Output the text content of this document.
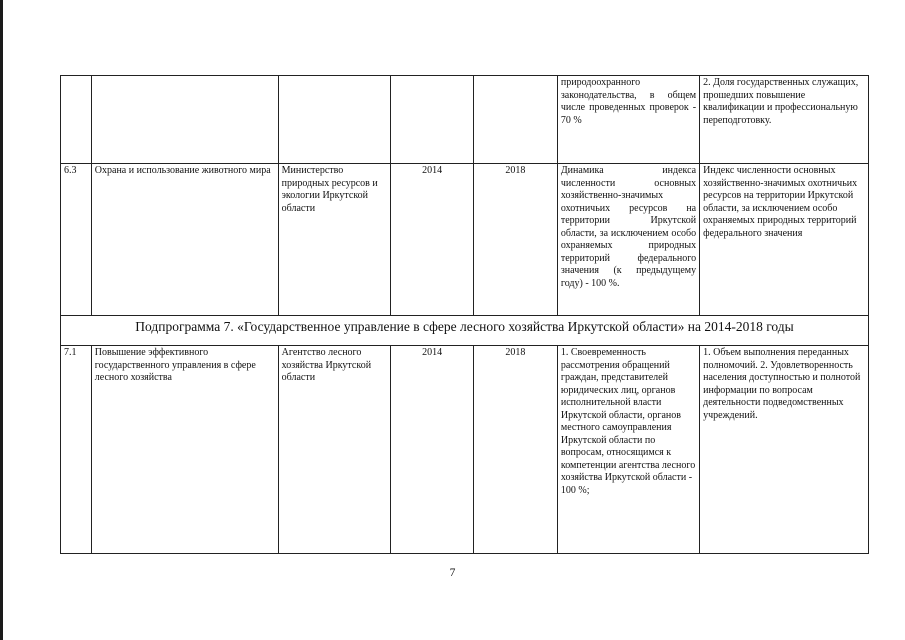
					природоохранного законодательства, в общем числе проведенных проверок - 70 %	2. Доля государственных служащих, прошедших повышение квалификации и профессиональную переподготовку.
6.3	Охрана и использование животного мира	Министерство природных ресурсов и экологии Иркутской области	2014	2018	Динамика индекса численности основных хозяйственно-значимых охотничьих ресурсов на территории Иркутской области, за исключением особо охраняемых природных территорий федерального значения (к предыдущему году) - 100 %.	Индекс численности основных хозяйственно-значимых охотничьих ресурсов на территории Иркутской области, за исключением особо охраняемых природных территорий федерального значения
Подпрограмма 7. «Государственное управление в сфере лесного хозяйства Иркутской области» на 2014-2018 годы						
7.1	Повышение эффективного государственного управления в сфере лесного хозяйства	Агентство лесного хозяйства Иркутской области	2014	2018	1. Своевременность рассмотрения обращений граждан, представителей юридических лиц, органов исполнительной власти Иркутской области, органов местного самоуправления Иркутской области по вопросам, относящимся к компетенции агентства лесного хозяйства Иркутской области - 100 %;	1. Объем выполнения переданных полномочий. 2. Удовлетворенность населения доступностью и полнотой информации по вопросам деятельности подведомственных учреждений.
7
